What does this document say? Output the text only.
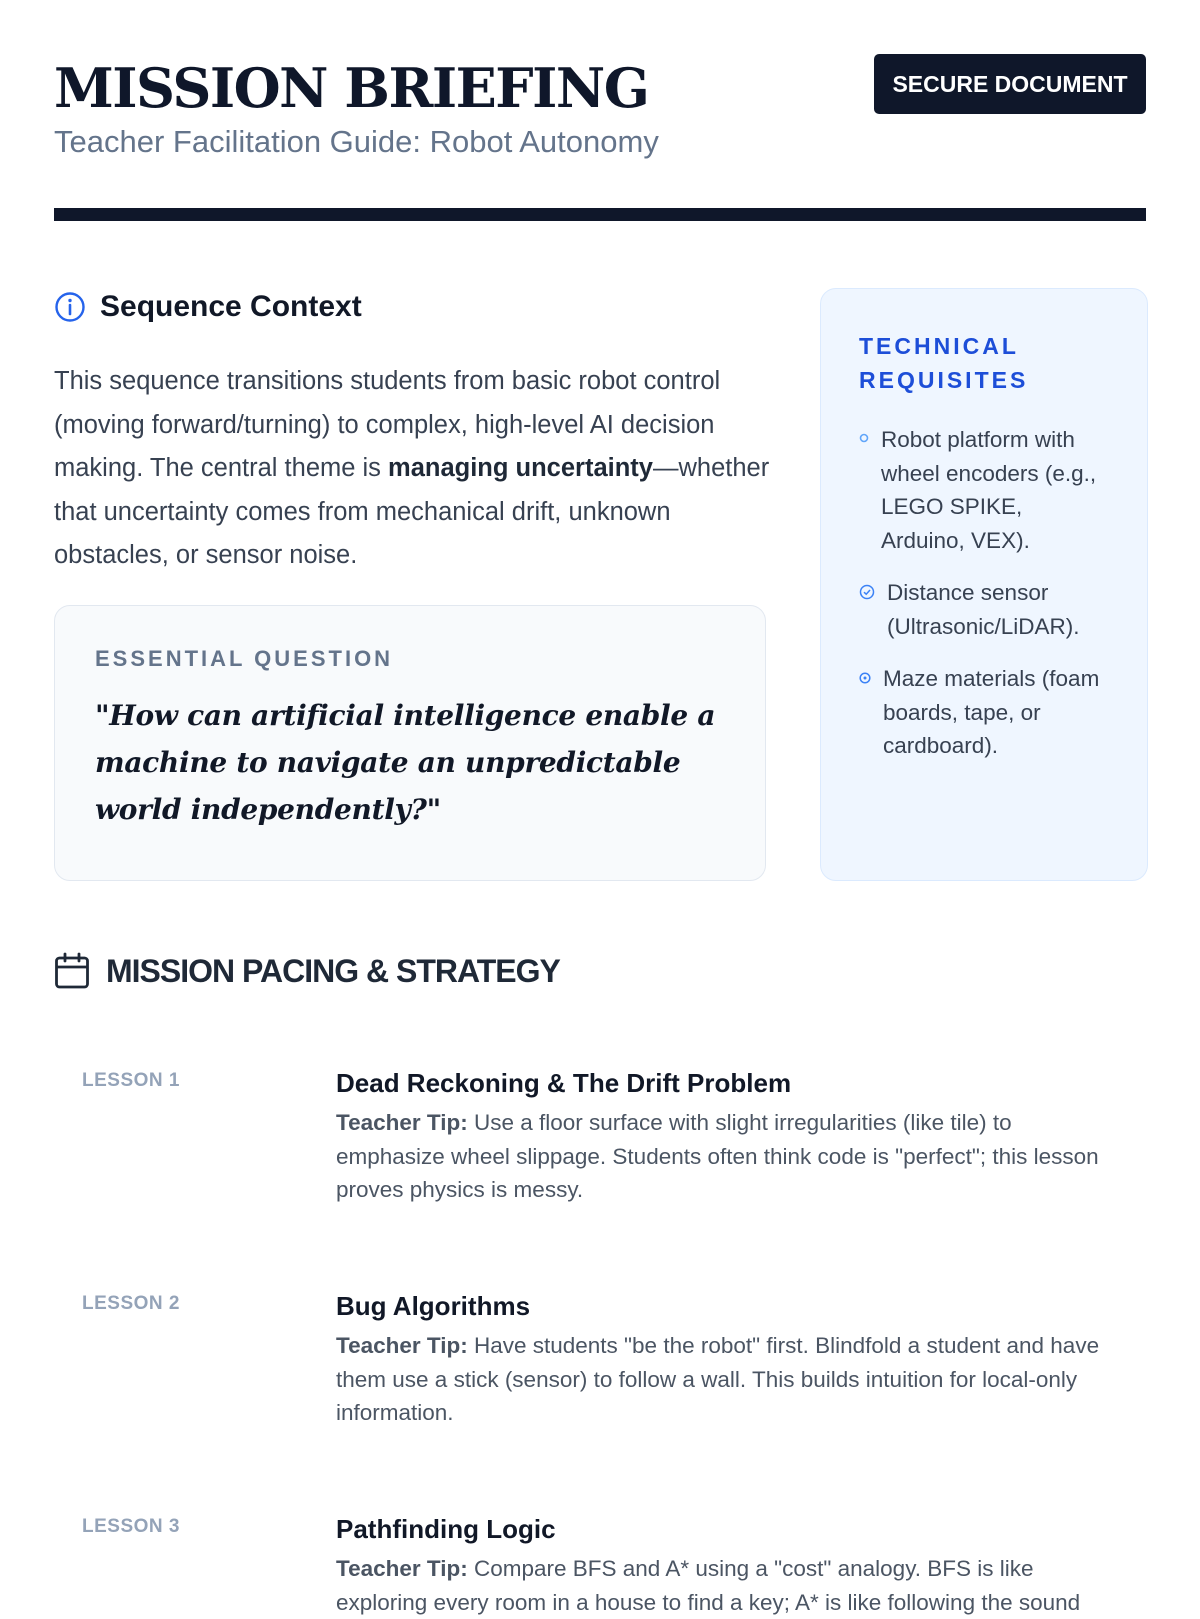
MISSION BRIEFING
Teacher Facilitation Guide: Robot Autonomy
SECURE DOCUMENT
Sequence Context

This sequence transitions students from basic robot control (moving forward/turning) to complex, high-level AI decision making. The central theme is managing uncertainty—whether that uncertainty comes from mechanical drift, unknown obstacles, or sensor noise.

ESSENTIAL QUESTION
"How can artificial intelligence enable a machine to navigate an unpredictable world independently?"
TECHNICAL
REQUISITES
Robot platform with wheel encoders (e.g., LEGO SPIKE, Arduino, VEX).
Distance sensor (Ultrasonic/LiDAR).
Maze materials (foam boards, tape, or cardboard).
MISSION PACING & STRATEGY
LESSON 1	Dead Reckoning & The Drift Problem
Teacher Tip: Use a floor surface with slight irregularities (like tile) to emphasize wheel slippage. Students often think code is "perfect"; this lesson proves physics is messy.
LESSON 2	Bug Algorithms
Teacher Tip: Have students "be the robot" first. Blindfold a student and have them use a stick (sensor) to follow a wall. This builds intuition for local-only information.
LESSON 3	Pathfinding Logic
Teacher Tip: Compare BFS and A* using a "cost" analogy. BFS is like exploring every room in a house to find a key; A* is like following the sound
